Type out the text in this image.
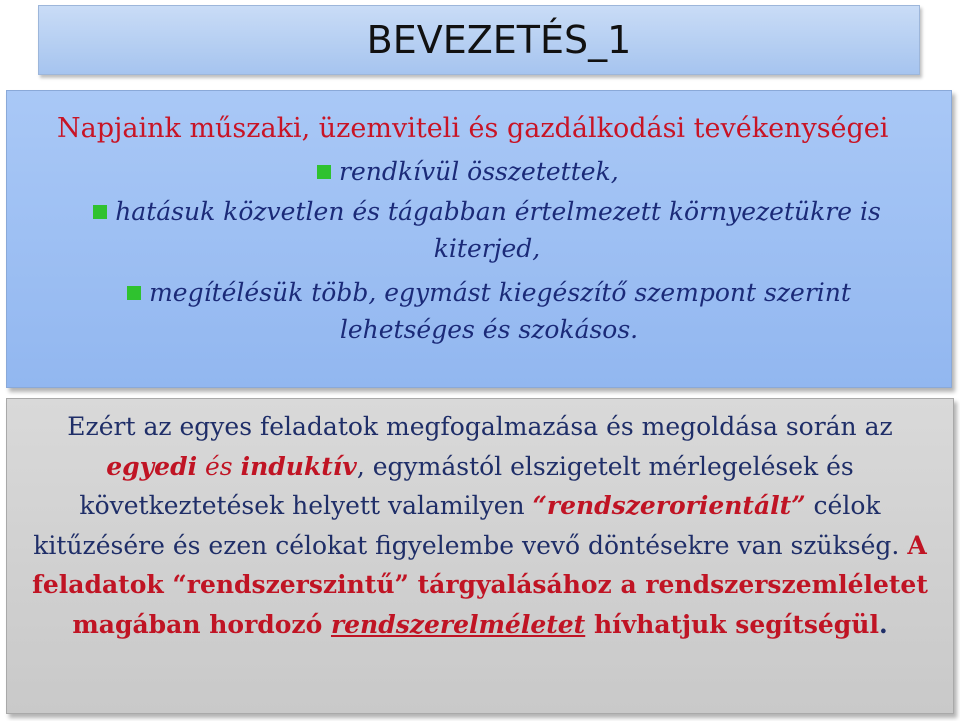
BEVEZETÉS_1
Napjaink műszaki, üzemviteli és gazdálkodási tevékenységei
rendkívül összetettek,
hatásuk közvetlen és tágabban értelmezett környezetükre is kiterjed,
megítélésük több, egymást kiegészítő szempont szerint lehetséges és szokásos.
Ezért az egyes feladatok megfogalmazása és megoldása során az egyedi és induktív, egymástól elszigetelt mérlegelések és következtetések helyett valamilyen “rendszerorientált” célok kitűzésére és ezen célokat figyelembe vevő döntésekre van szükség. A feladatok “rendszerszintű” tárgyalásához a rendszerszemléletet magában hordozó rendszerelméletet hívhatjuk segítségül.
